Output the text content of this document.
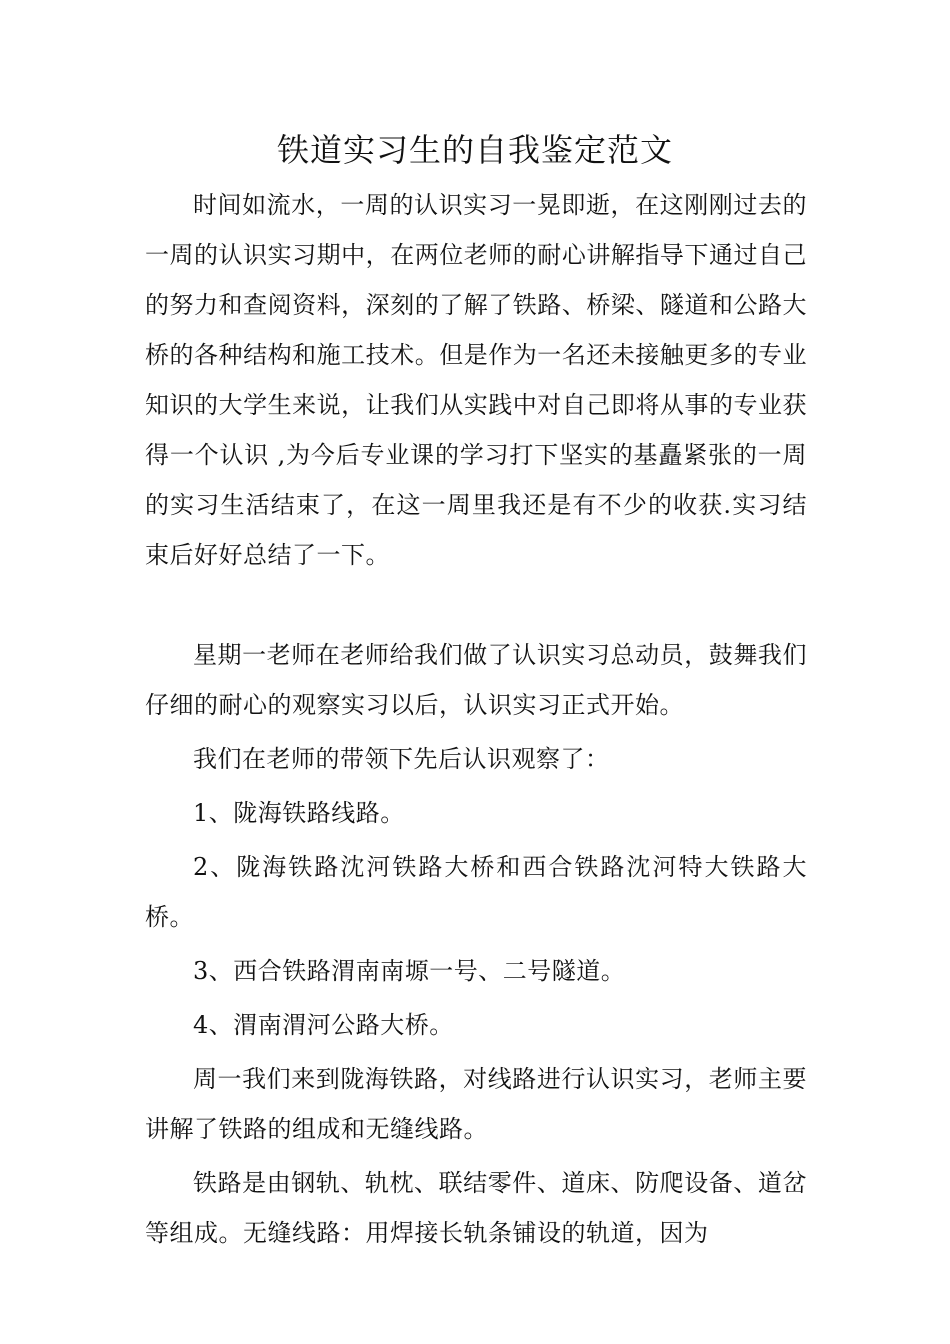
铁道实习生的自我鉴定范文

时间如流水，一周的认识实习一晃即逝，在这刚刚过去的一周的认识实习期中，在两位老师的耐心讲解指导下通过自己的努力和查阅资料，深刻的了解了铁路、桥梁、隧道和公路大桥的各种结构和施工技术。但是作为一名还未接触更多的专业知识的大学生来说，让我们从实践中对自己即将从事的专业获得一个认识 ,为今后专业课的学习打下坚实的基矗紧张的一周的实习生活结束了，在这一周里我还是有不少的收获.实习结束后好好总结了一下。

星期一老师在老师给我们做了认识实习总动员，鼓舞我们仔细的耐心的观察实习以后，认识实习正式开始。

我们在老师的带领下先后认识观察了：

1、陇海铁路线路。

2、陇海铁路沈河铁路大桥和西合铁路沈河特大铁路大桥。

3、西合铁路渭南南塬一号、二号隧道。

4、渭南渭河公路大桥。

周一我们来到陇海铁路，对线路进行认识实习，老师主要讲解了铁路的组成和无缝线路。

铁路是由钢轨、轨枕、联结零件、道床、防爬设备、道岔等组成。无缝线路：用焊接长轨条铺设的轨道，因为
